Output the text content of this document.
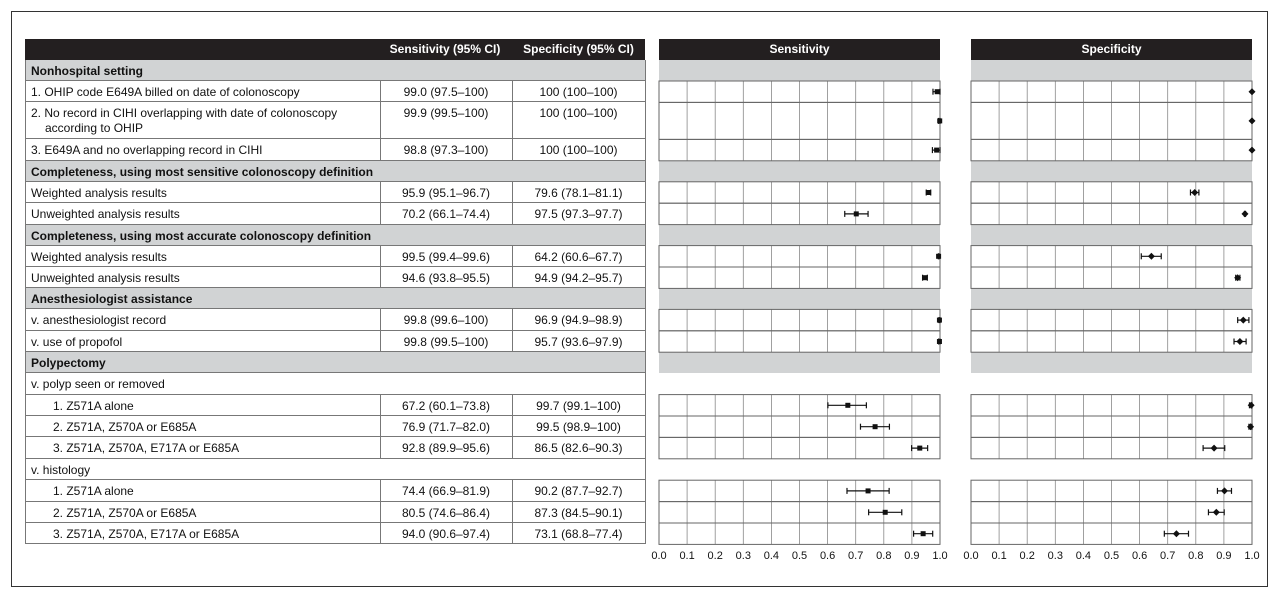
Sensitivity (95% CI)	Specificity (95% CI)	Sensitivity	Specificity
Nonhospital setting
1. OHIP code E649A billed on date of colonoscopy	99.0 (97.5–100)	100 (100–100)
2. No record in CIHI overlapping with date of colonoscopy
according to OHIP
99.9 (99.5–100)	100 (100–100)
3. E649A and no overlapping record in CIHI	98.8 (97.3–100)	100 (100–100)
Completeness, using most sensitive colonoscopy definition
Weighted analysis results	95.9 (95.1–96.7)	79.6 (78.1–81.1)
Unweighted analysis results	70.2 (66.1–74.4)	97.5 (97.3–97.7)
Completeness, using most accurate colonoscopy definition
Weighted analysis results	99.5 (99.4–99.6)	64.2 (60.6–67.7)
Unweighted analysis results	94.6 (93.8–95.5)	94.9 (94.2–95.7)
Anesthesiologist assistance
v. anesthesiologist record	99.8 (99.6–100)	96.9 (94.9–98.9)
v. use of propofol	99.8 (99.5–100)	95.7 (93.6–97.9)
Polypectomy
v. polyp seen or removed
1. Z571A alone	67.2 (60.1–73.8)	99.7 (99.1–100)
2. Z571A, Z570A or E685A	76.9 (71.7–82.0)	99.5 (98.9–100)
3. Z571A, Z570A, E717A or E685A	92.8 (89.9–95.6)	86.5 (82.6–90.3)
v. histology
1. Z571A alone	74.4 (66.9–81.9)	90.2 (87.7–92.7)
2. Z571A, Z570A or E685A	80.5 (74.6–86.4)	87.3 (84.5–90.1)
3. Z571A, Z570A, E717A or E685A	94.0 (90.6–97.4)	73.1 (68.8–77.4)
0.0	0.1	0.2	0.3	0.4	0.5	0.6	0.7	0.8	0.9	1.0	0.0	0.1	0.2	0.3	0.4	0.5	0.6	0.7	0.8	0.9	1.0
